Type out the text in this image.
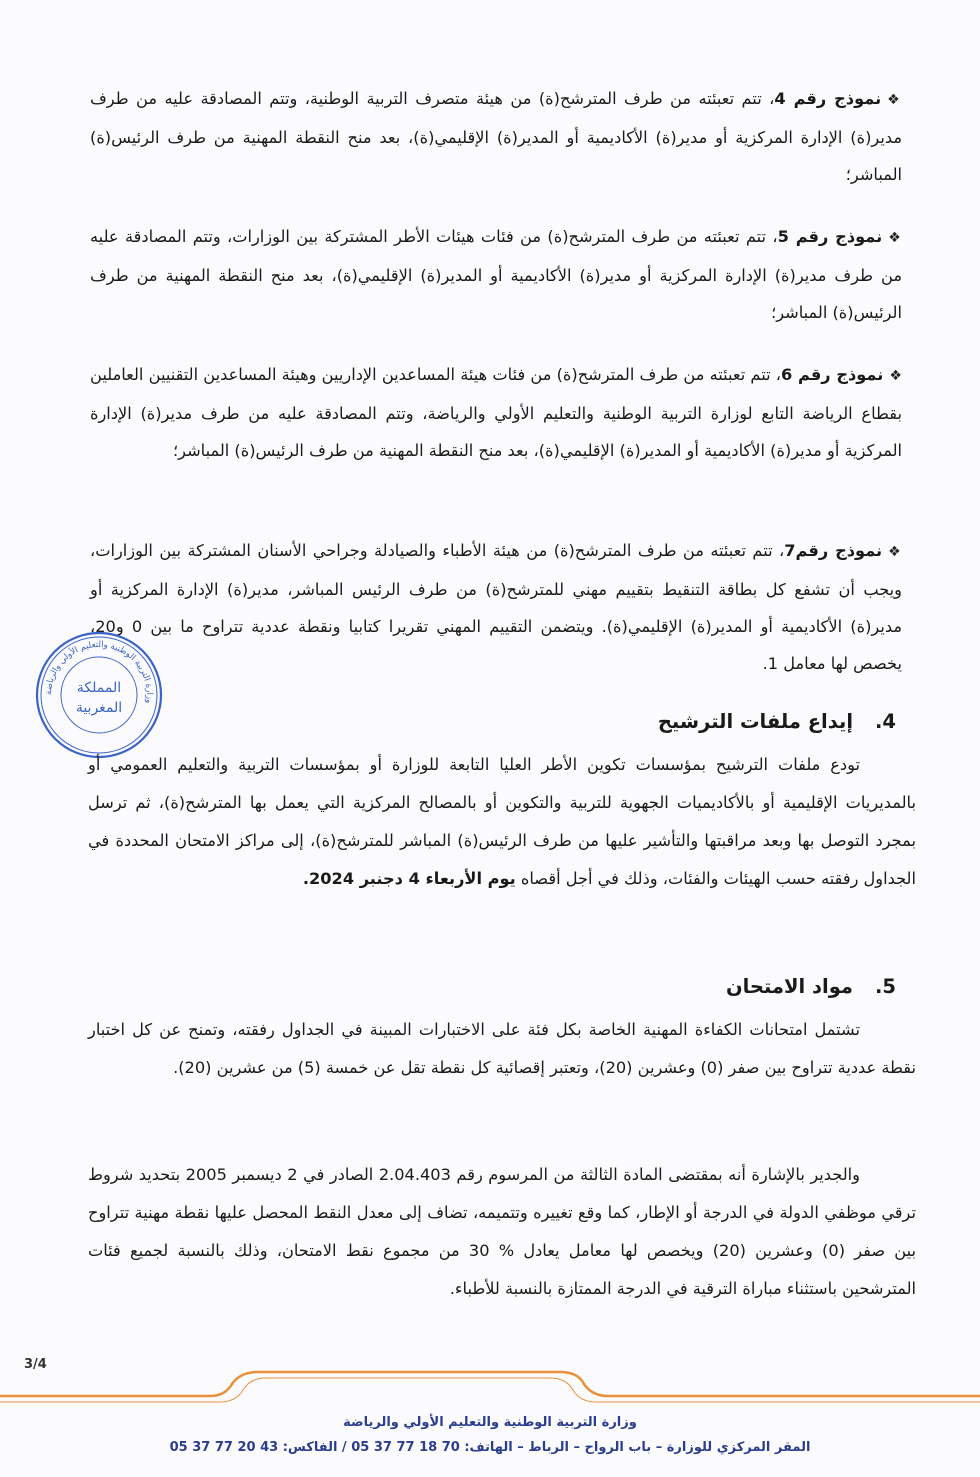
❖نموذج رقم 4، تتم تعبئته من طرف المترشح(ة) من هيئة متصرف التربية الوطنية، وتتم المصادقة عليه من طرف مدير(ة) الإدارة المركزية أو مدير(ة) الأكاديمية أو المدير(ة) الإقليمي(ة)، بعد منح النقطة المهنية من طرف الرئيس(ة) المباشر؛
❖نموذج رقم 5، تتم تعبئته من طرف المترشح(ة) من فئات هيئات الأطر المشتركة بين الوزارات، وتتم المصادقة عليه من طرف مدير(ة) الإدارة المركزية أو مدير(ة) الأكاديمية أو المدير(ة) الإقليمي(ة)، بعد منح النقطة المهنية من طرف الرئيس(ة) المباشر؛
❖نموذج رقم 6، تتم تعبئته من طرف المترشح(ة) من فئات هيئة المساعدين الإداريين وهيئة المساعدين التقنيين العاملين بقطاع الرياضة التابع لوزارة التربية الوطنية والتعليم الأولي والرياضة، وتتم المصادقة عليه من طرف مدير(ة) الإدارة المركزية أو مدير(ة) الأكاديمية أو المدير(ة) الإقليمي(ة)، بعد منح النقطة المهنية من طرف الرئيس(ة) المباشر؛
❖نموذج رقم7، تتم تعبئته من طرف المترشح(ة) من هيئة الأطباء والصيادلة وجراحي الأسنان المشتركة بين الوزارات، ويجب أن تشفع كل بطاقة التنقيط بتقييم مهني للمترشح(ة) من طرف الرئيس المباشر، مدير(ة) الإدارة المركزية أو مدير(ة) الأكاديمية أو المدير(ة) الإقليمي(ة). ويتضمن التقييم المهني تقريرا كتابيا ونقطة عددية تتراوح ما بين 0 و20، يخصص لها معامل 1.
وزارة التربية الوطنية والتعليم الأولي والرياضة
المملكة
المغربية
4.إيداع ملفات الترشيح
تودع ملفات الترشيح بمؤسسات تكوين الأطر العليا التابعة للوزارة أو بمؤسسات التربية والتعليم العمومي أو بالمديريات الإقليمية أو بالأكاديميات الجهوية للتربية والتكوين أو بالمصالح المركزية التي يعمل بها المترشح(ة)، ثم ترسل بمجرد التوصل بها وبعد مراقبتها والتأشير عليها من طرف الرئيس(ة) المباشر للمترشح(ة)، إلى مراكز الامتحان المحددة في الجداول رفقته حسب الهيئات والفئات، وذلك في أجل أقصاه يوم الأربعاء 4 دجنبر 2024.
5.مواد الامتحان
تشتمل امتحانات الكفاءة المهنية الخاصة بكل فئة على الاختبارات المبينة في الجداول رفقته، وتمنح عن كل اختبار نقطة عددية تتراوح بين صفر (0) وعشرين (20)، وتعتبر إقصائية كل نقطة تقل عن خمسة (5) من عشرين (20).
والجدير بالإشارة أنه بمقتضى المادة الثالثة من المرسوم رقم 2.04.403 الصادر في 2 ديسمبر 2005 بتحديد شروط ترقي موظفي الدولة في الدرجة أو الإطار، كما وقع تغييره وتتميمه، تضاف إلى معدل النقط المحصل عليها نقطة مهنية تتراوح بين صفر (0) وعشرين (20) ويخصص لها معامل يعادل % 30 من مجموع نقط الامتحان، وذلك بالنسبة لجميع فئات المترشحين باستثناء مباراة الترقية في الدرجة الممتازة بالنسبة للأطباء.
3/4
وزارة التربية الوطنية والتعليم الأولي والرياضة
المقر المركزي للوزارة – باب الرواح – الرباط – الهاتف: 70 18 77 37 05 / الفاكس: 43 20 77 37 05
